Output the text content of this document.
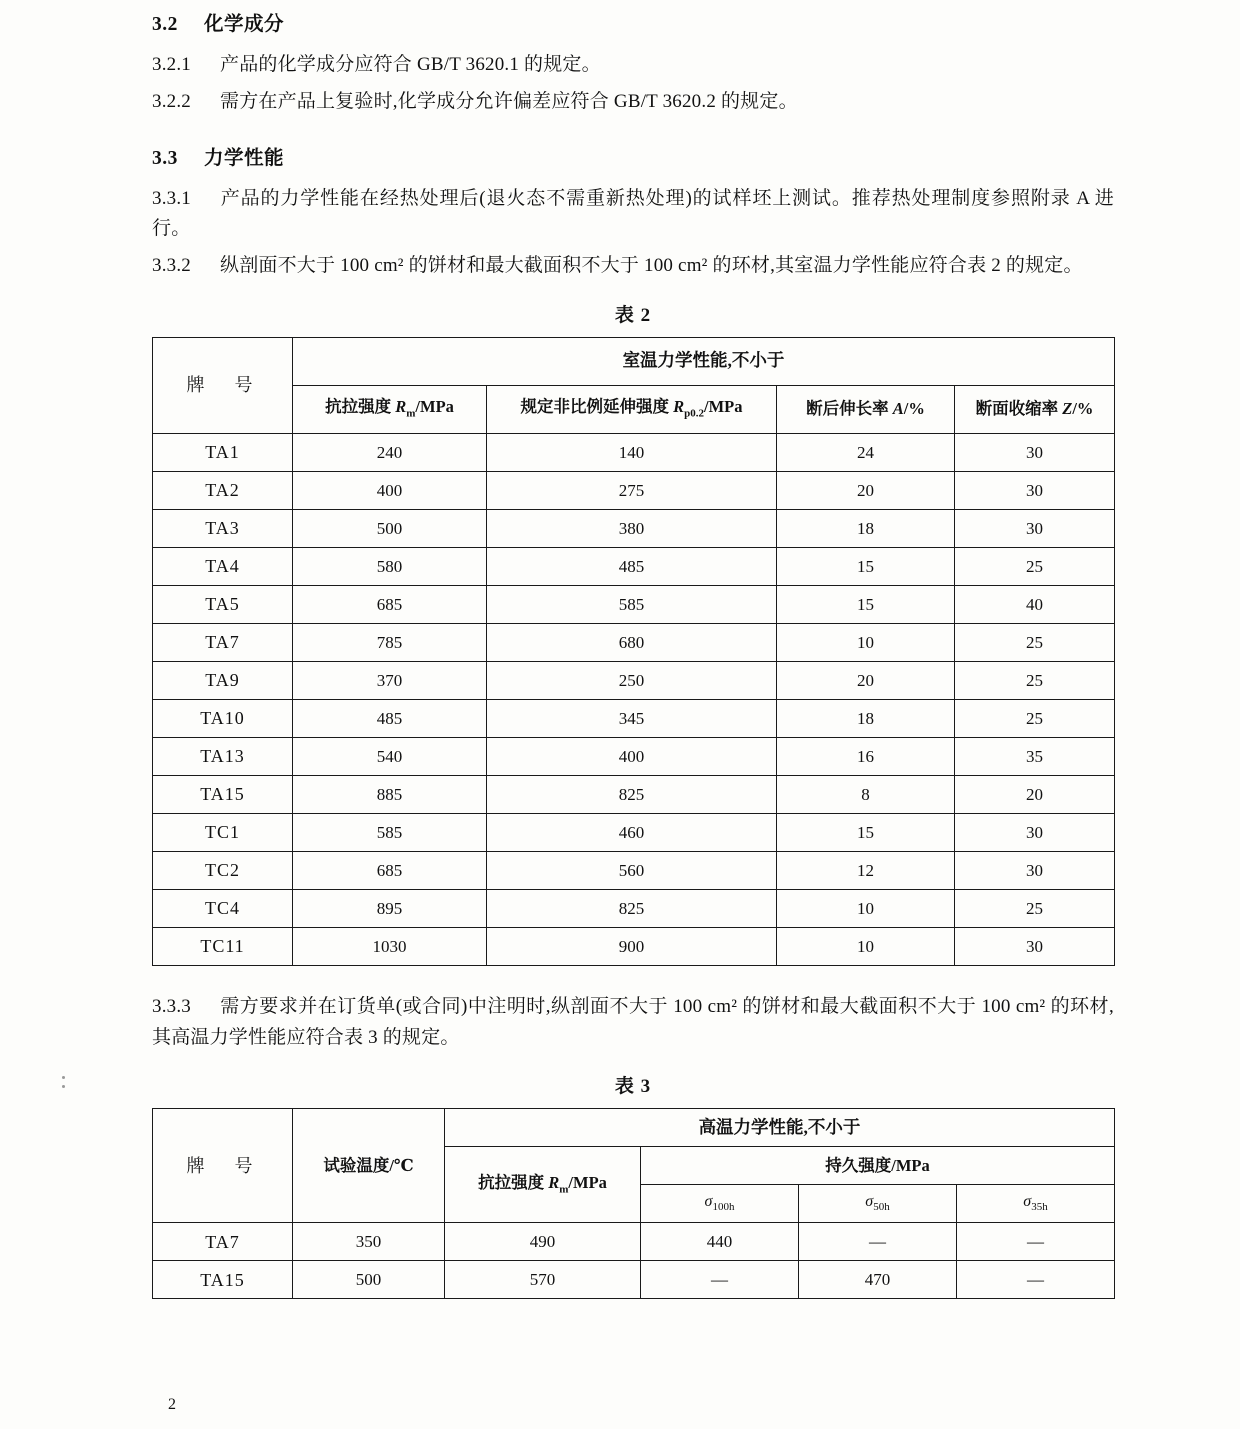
3.2 化学成分
3.2.1 产品的化学成分应符合 GB/T 3620.1 的规定。
3.2.2 需方在产品上复验时,化学成分允许偏差应符合 GB/T 3620.2 的规定。
3.3 力学性能
3.3.1 产品的力学性能在经热处理后(退火态不需重新热处理)的试样坯上测试。推荐热处理制度参照附录 A 进行。
3.3.2 纵剖面不大于 100 cm² 的饼材和最大截面积不大于 100 cm² 的环材,其室温力学性能应符合表 2 的规定。
表 2
牌　号	室温力学性能,不小于			
	抗拉强度 $R_m$/MPa	规定非比例延伸强度 $R_{p0.2}$/MPa	断后伸长率 A/%	断面收缩率 Z/%
TA1	240	140	24	30
TA2	400	275	20	30
TA3	500	380	18	30
TA4	580	485	15	25
TA5	685	585	15	40
TA7	785	680	10	25
TA9	370	250	20	25
TA10	485	345	18	25
TA13	540	400	16	35
TA15	885	825	8	20
TC1	585	460	15	30
TC2	685	560	12	30
TC4	895	825	10	25
TC11	1030	900	10	30
3.3.3 需方要求并在订货单(或合同)中注明时,纵剖面不大于 100 cm² 的饼材和最大截面积不大于 100 cm² 的环材,其高温力学性能应符合表 3 的规定。
表 3
牌　号	试验温度/℃	高温力学性能,不小于			
		抗拉强度 $R_m$/MPa	持久强度/MPa		
			$\sigma_{100h}$	$\sigma_{50h}$	$\sigma_{35h}$
TA7	350	490	440	—	—
TA15	500	570	—	470	—
2
